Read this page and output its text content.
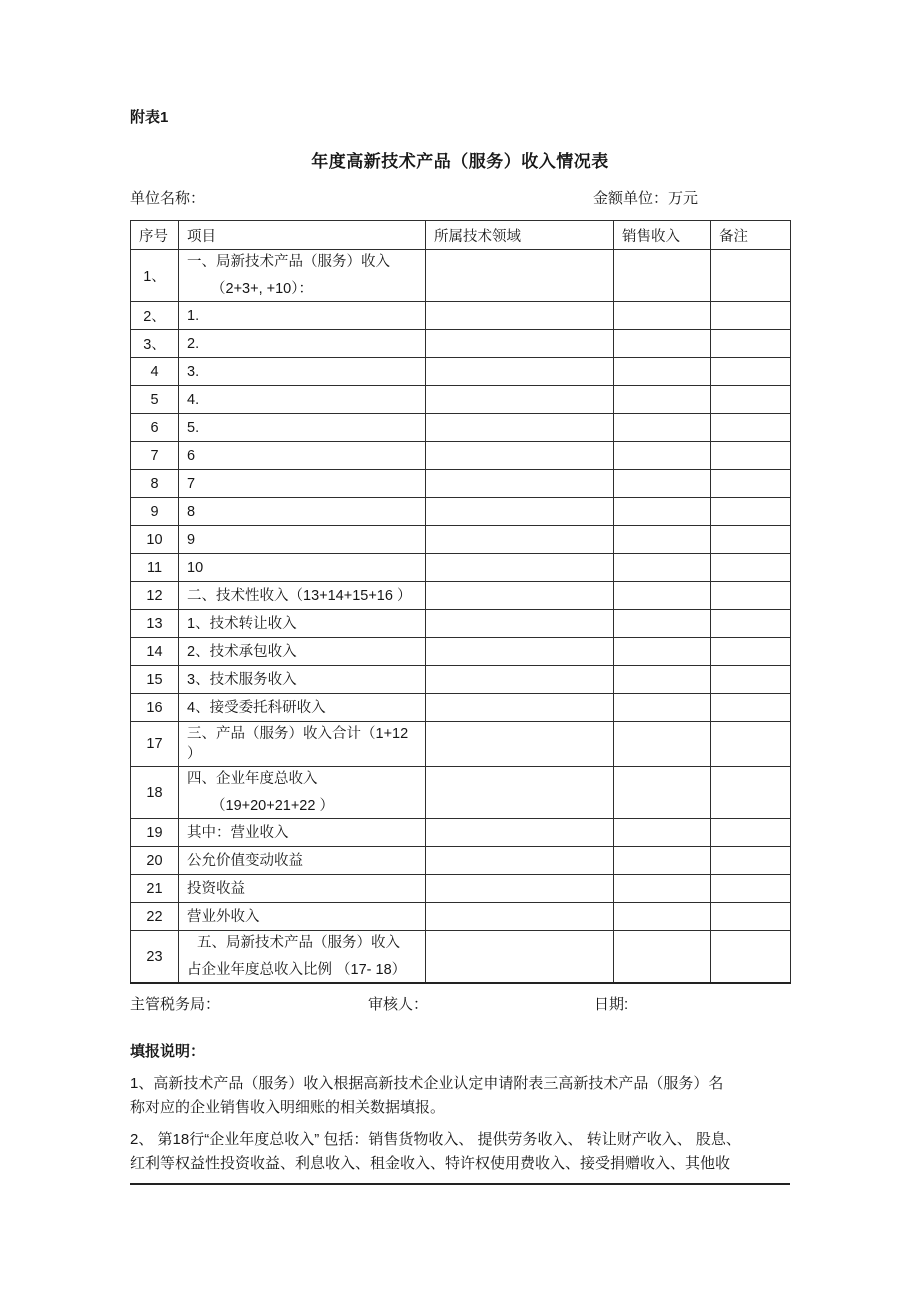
附表1
年度高新技术产品（服务）收入情况表
单位名称：	金额单位：万元
序号	项目	所属技术领域	销售收入	备注
1、	一、局新技术产品（服务）收入
（2+3+, +10）：			

2、	1.			

3、	2.			

4	3.			

5	4.			

6	5.			

7	6			

8	7			

9	8			

10	9			

11	10			

12	二、技术性收入（13+14+15+16 ）			

13	1、技术转让收入			

14	2、技术承包收入			

15	3、技术服务收入			

16	4、接受委托科研收入			

17	三、产品（服务）收入合计（1+12 ）			

18	四、企业年度总收入
（19+20+21+22 ）			

19	其中：营业收入			

20	公允价值变动收益			

21	投资收益			

22	营业外收入			

23	五、局新技术产品（服务）收入
占企业年度总收入比例 （17- 18）			

主管税务局：	审核人：	日期:
填报说明：
1、高新技术产品（服务）收入根据高新技术企业认定申请附表三高新技术产品（服务）名
称对应的企业销售收入明细账的相关数据填报。
2、 第18行“企业年度总收入” 包括：销售货物收入、 提供劳务收入、 转让财产收入、 股息、
红利等权益性投资收益、利息收入、租金收入、特许权使用费收入、接受捐赠收入、其他收
